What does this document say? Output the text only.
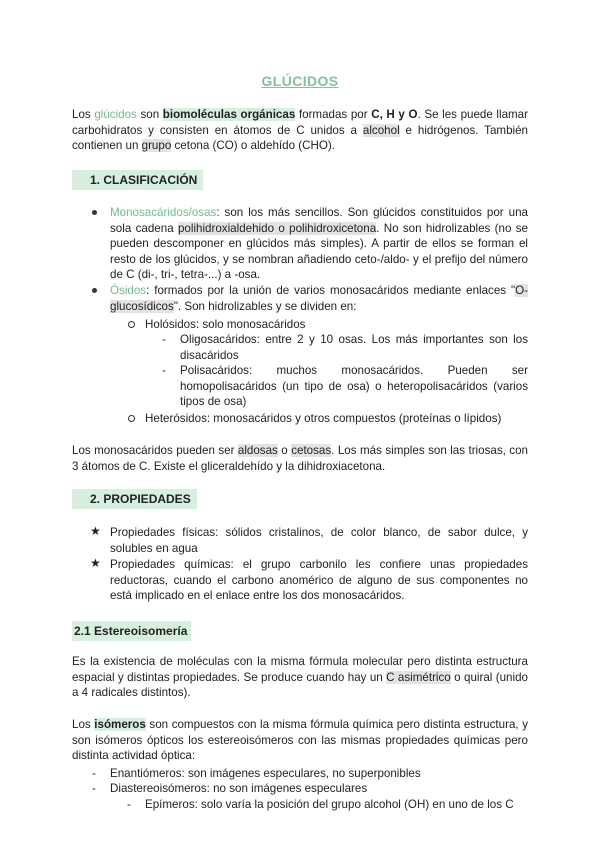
GLÚCIDOS
Los glúcidos son biomoléculas orgánicas formadas por C, H y O. Se les puede llamar carbohidratos y consisten en átomos de C unidos a alcohol e hidrógenos. También contienen un grupo cetona (CO) o aldehído (CHO).
1. CLASIFICACIÓN
Monosacáridos/osas: son los más sencillos. Son glúcidos constituidos por una sola cadena polihidroxialdehido o polihidroxicetona. No son hidrolizables (no se pueden descomponer en glúcidos más simples). A partir de ellos se forman el resto de los glúcidos, y se nombran añadiendo ceto-/aldo- y el prefijo del número de C (di-, tri-, tetra-...) a -osa.
Ósidos: formados por la unión de varios monosacáridos mediante enlaces "O-glucosídicos". Son hidrolizables y se dividen en:
Holósidos: solo monosacáridos
- Oligosacáridos: entre 2 y 10 osas. Los más importantes son los disacáridos
- Polisacáridos: muchos monosacáridos. Pueden ser homopolisacáridos (un tipo de osa) o heteropolisacáridos (varios tipos de osa)
Heterósidos: monosacáridos y otros compuestos (proteínas o lípidos)
Los monosacáridos pueden ser aldosas o cetosas. Los más simples son las triosas, con 3 átomos de C. Existe el gliceraldehído y la dihidroxiacetona.
2. PROPIEDADES
★ Propiedades físicas: sólidos cristalinos, de color blanco, de sabor dulce, y solubles en agua
★ Propiedades químicas: el grupo carbonilo les confiere unas propiedades reductoras, cuando el carbono anomérico de alguno de sus componentes no está implicado en el enlace entre los dos monosacáridos.
2.1 Estereoisomería
Es la existencia de moléculas con la misma fórmula molecular pero distinta estructura espacial y distintas propiedades. Se produce cuando hay un C asimétrico o quiral (unido a 4 radicales distintos).
Los isómeros son compuestos con la misma fórmula química pero distinta estructura, y son isómeros ópticos los estereoisómeros con las mismas propiedades químicas pero distinta actividad óptica:
- Enantiómeros: son imágenes especulares, no superponibles
- Diastereoisómeros: no son imágenes especulares
- Epímeros: solo varía la posición del grupo alcohol (OH) en uno de los C
